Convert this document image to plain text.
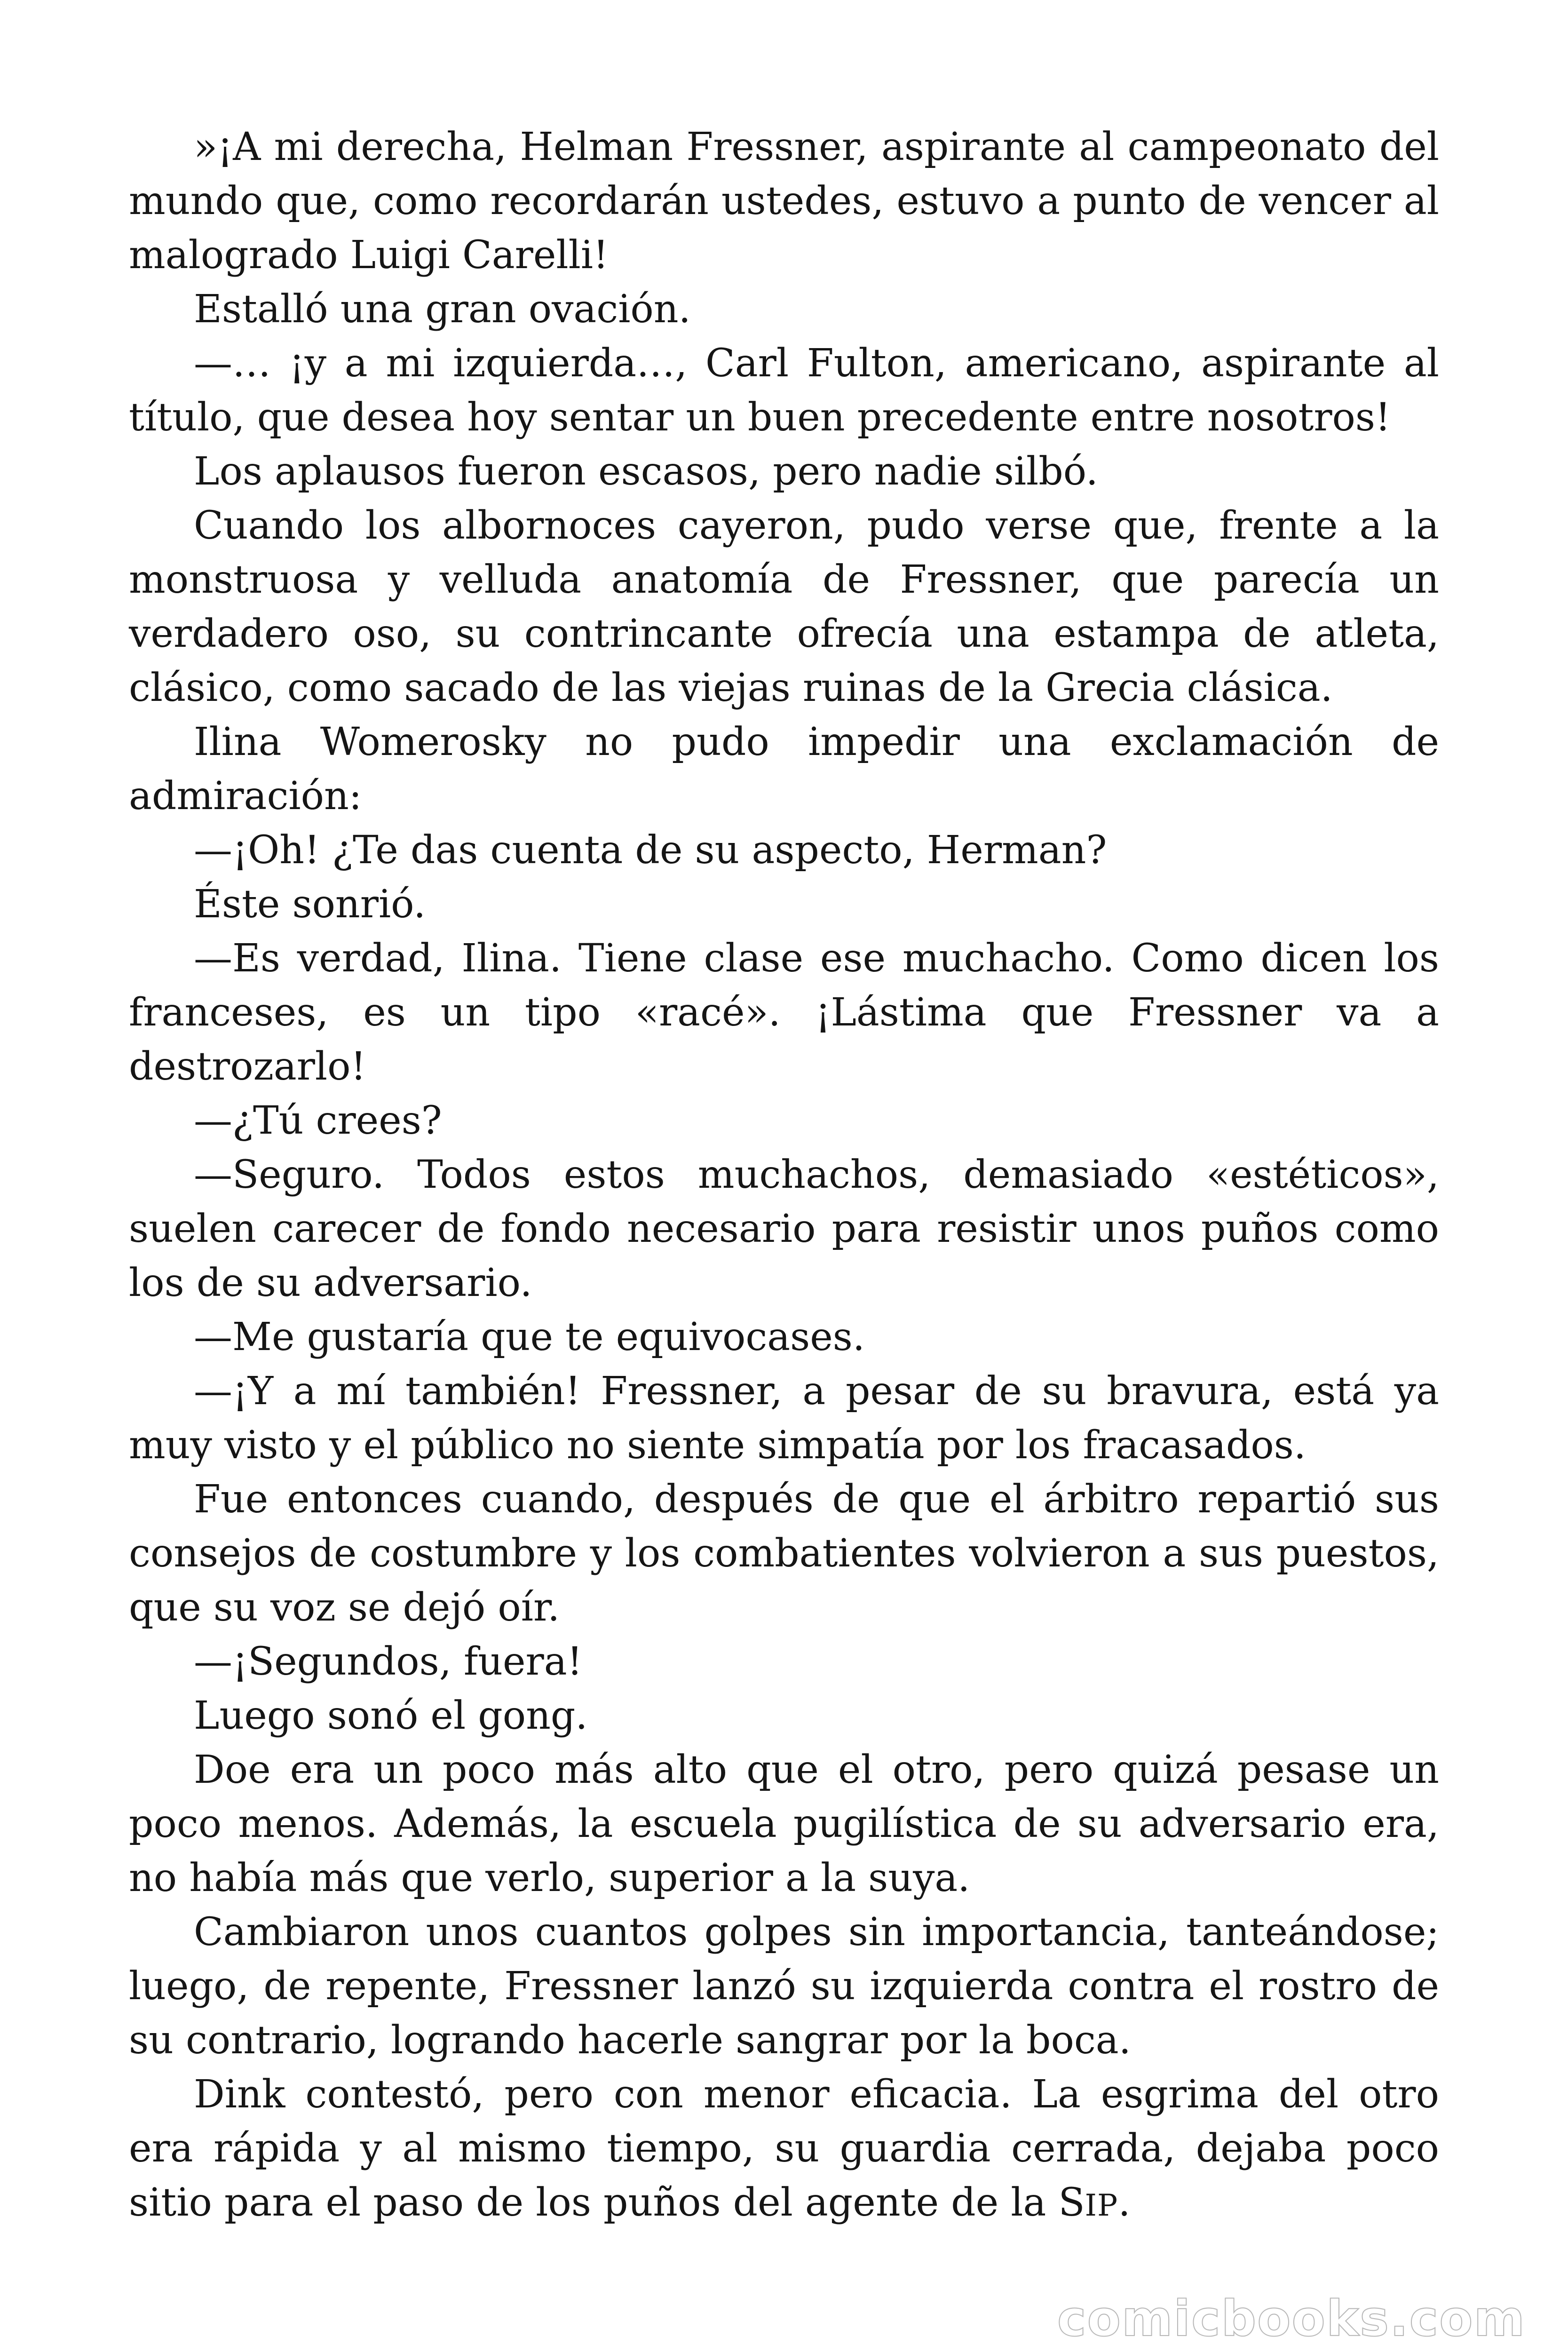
»¡A mi derecha, Helman Fressner, aspirante al campeonato del mundo que, como recordarán ustedes, estuvo a punto de vencer al malogrado Luigi Carelli!

Estalló una gran ovación.

—… ¡y a mi izquierda…, Carl Fulton, americano, aspirante al título, que desea hoy sentar un buen precedente entre nosotros!

Los aplausos fueron escasos, pero nadie silbó.

Cuando los albornoces cayeron, pudo verse que, frente a la monstruosa y velluda anatomía de Fressner, que parecía un verdadero oso, su contrincante ofrecía una estampa de atleta, clásico, como sacado de las viejas ruinas de la Grecia clásica.

Ilina Womerosky no pudo impedir una exclamación de admiración:

—¡Oh! ¿Te das cuenta de su aspecto, Herman?

Éste sonrió.

—Es verdad, Ilina. Tiene clase ese muchacho. Como dicen los franceses, es un tipo «racé». ¡Lástima que Fressner va a destrozarlo!

—¿Tú crees?

—Seguro. Todos estos muchachos, demasiado «estéticos», suelen carecer de fondo necesario para resistir unos puños como los de su adversario.

—Me gustaría que te equivocases.

—¡Y a mí también! Fressner, a pesar de su bravura, está ya muy visto y el público no siente simpatía por los fracasados.

Fue entonces cuando, después de que el árbitro repartió sus consejos de costumbre y los combatientes volvieron a sus puestos, que su voz se dejó oír.

—¡Segundos, fuera!

Luego sonó el gong.

Doe era un poco más alto que el otro, pero quizá pesase un poco menos. Además, la escuela pugilística de su adversario era, no había más que verlo, superior a la suya.

Cambiaron unos cuantos golpes sin importancia, tanteándose; luego, de repente, Fressner lanzó su izquierda contra el rostro de su contrario, logrando hacerle sangrar por la boca.

Dink contestó, pero con menor eficacia. La esgrima del otro era rápida y al mismo tiempo, su guardia cerrada, dejaba poco sitio para el paso de los puños del agente de la SIP.

comicbooks.com
